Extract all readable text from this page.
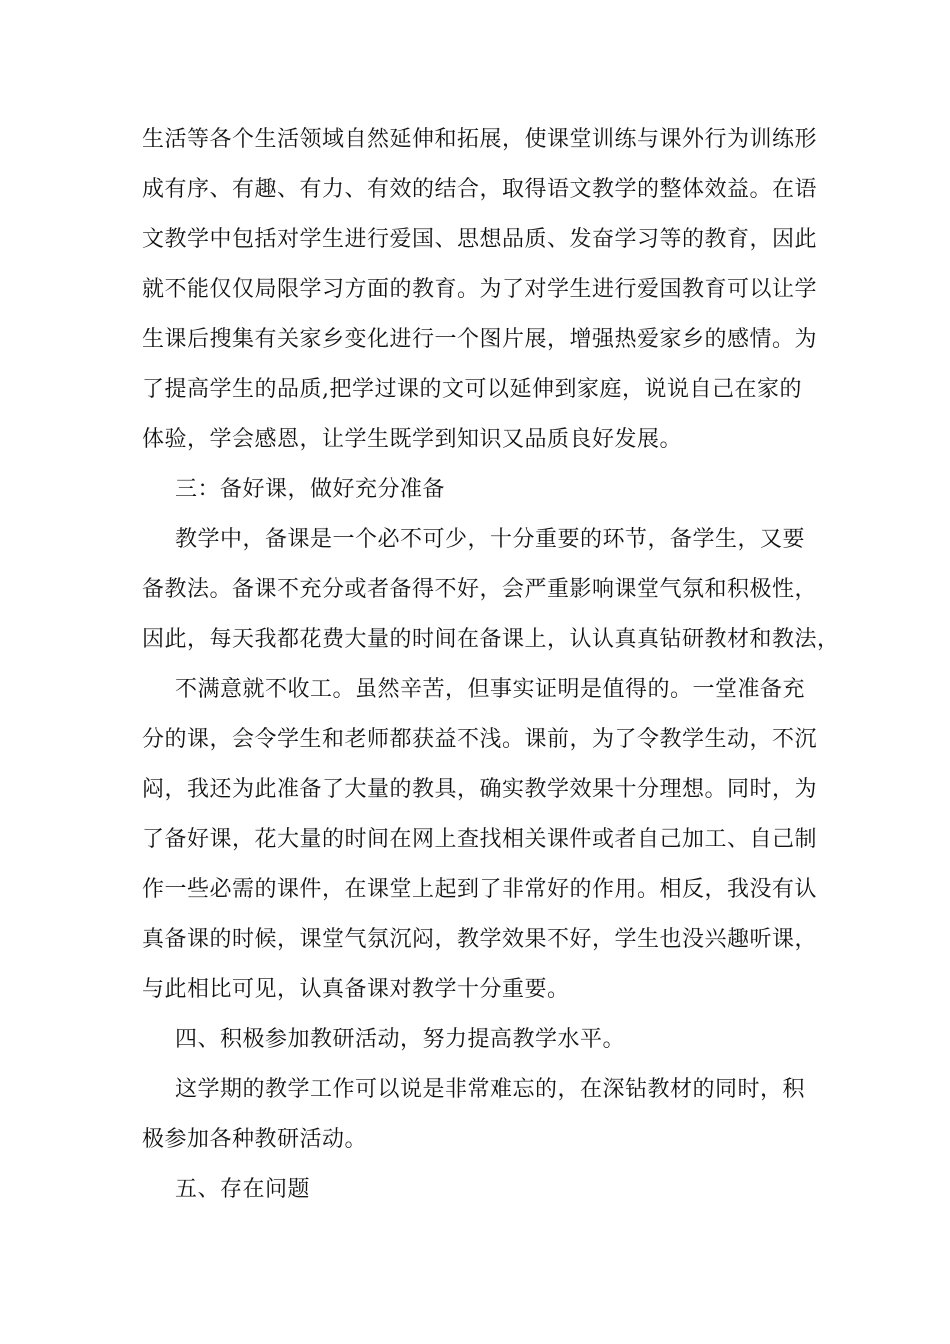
生活等各个生活领域自然延伸和拓展，使课堂训练与课外行为训练形
成有序、有趣、有力、有效的结合，取得语文教学的整体效益。在语
文教学中包括对学生进行爱国、思想品质、发奋学习等的教育，因此
就不能仅仅局限学习方面的教育。为了对学生进行爱国教育可以让学
生课后搜集有关家乡变化进行一个图片展，增强热爱家乡的感情。为
了提高学生的品质,把学过课的文可以延伸到家庭，说说自己在家的
体验，学会感恩，让学生既学到知识又品质良好发展。
三：备好课，做好充分准备
教学中，备课是一个必不可少，十分重要的环节，备学生，又要
备教法。备课不充分或者备得不好，会严重影响课堂气氛和积极性，
因此，每天我都花费大量的时间在备课上，认认真真钻研教材和教法，
不满意就不收工。虽然辛苦，但事实证明是值得的。一堂准备充
分的课，会令学生和老师都获益不浅。课前，为了令教学生动，不沉
闷，我还为此准备了大量的教具，确实教学效果十分理想。同时，为
了备好课，花大量的时间在网上查找相关课件或者自己加工、自己制
作一些必需的课件，在课堂上起到了非常好的作用。相反，我没有认
真备课的时候，课堂气氛沉闷，教学效果不好，学生也没兴趣听课，
与此相比可见，认真备课对教学十分重要。
四、积极参加教研活动，努力提高教学水平。
这学期的教学工作可以说是非常难忘的，在深钻教材的同时，积
极参加各种教研活动。
五、存在问题
